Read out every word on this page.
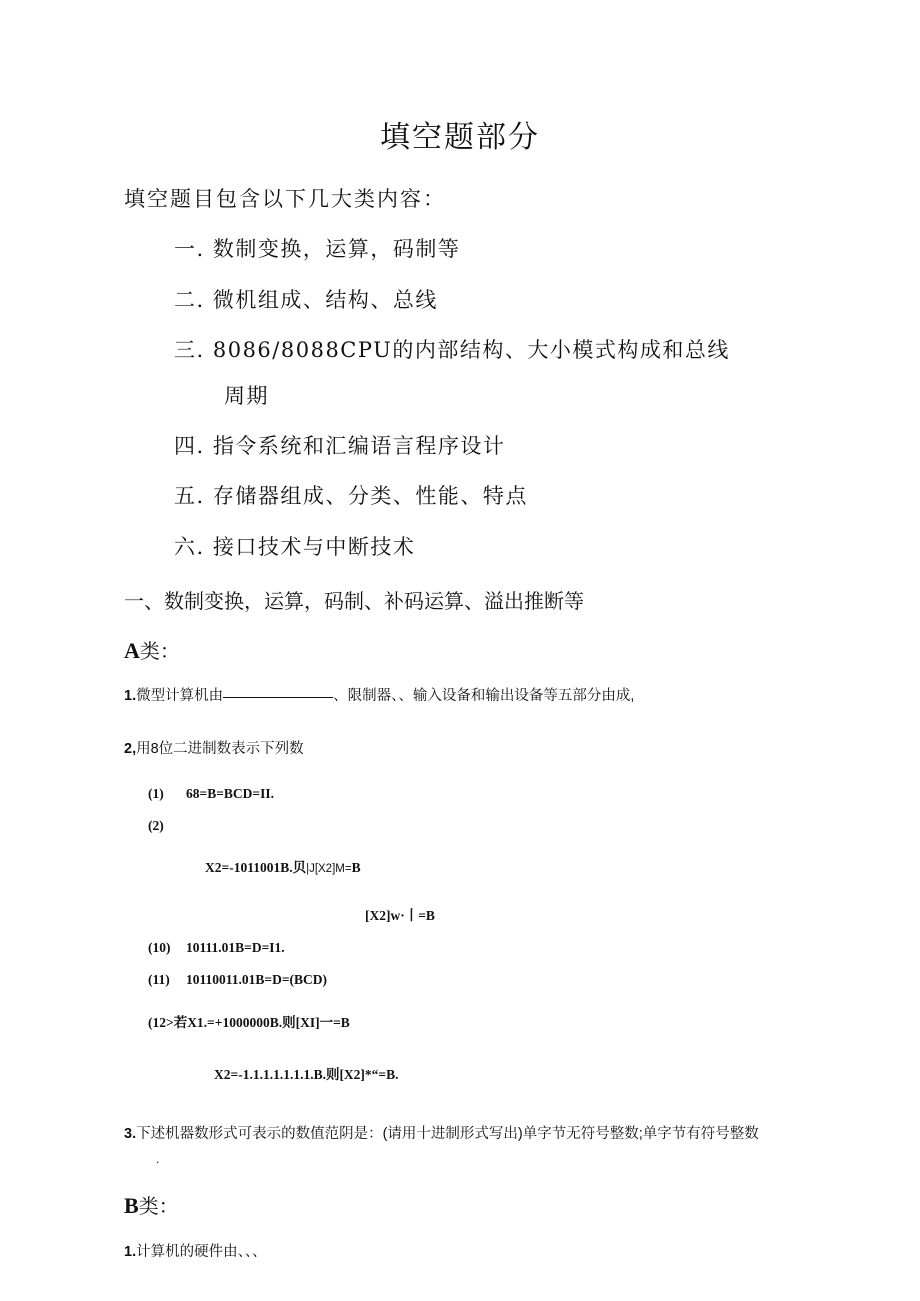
填空题部分
填空题目包含以下几大类内容：
一. 数制变换，运算，码制等
二. 微机组成、结构、总线
三. 8086/8088CPU的内部结构、大小模式构成和总线
周期
四. 指令系统和汇编语言程序设计
五. 存储器组成、分类、性能、特点
六. 接口技术与中断技术
一、数制变换，运算，码制、补码运算、溢出推断等
A类：
1.微型计算机由	、限制器、、输入设备和输出设备等五部分由成,
2,用8位二进制数表示下列数
(1) 68=B=BCD=II.
(2)
X2=-1011001B.贝|J[X2]M=B
[X2]w·丨=B
(10) 10111.01B=D=I1.
(11) 10110011.01B=D=(BCD)
(12>若X1.=+1000000B.则[XI]一=B
X2=-1.1.1.1.1.1.1.B.则[X2]*“=B.
3.下述机器数形式可表示的数值范阴是：(请用十进制形式写出)单字节无符号整数;单字节有符号整数
.
B类：
1.计算机的硬件由、、、
